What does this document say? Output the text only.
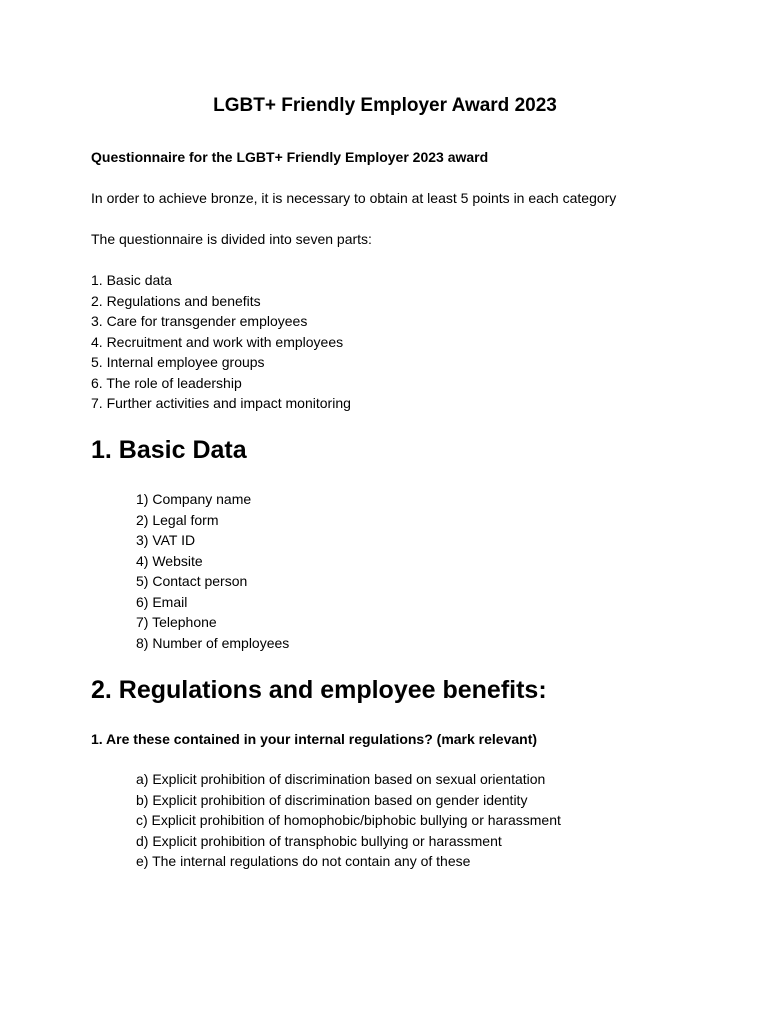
LGBT+ Friendly Employer Award 2023
Questionnaire for the LGBT+ Friendly Employer 2023 award
In order to achieve bronze, it is necessary to obtain at least 5 points in each category
The questionnaire is divided into seven parts:
1. Basic data
2. Regulations and benefits
3. Care for transgender employees
4. Recruitment and work with employees
5. Internal employee groups
6. The role of leadership
7. Further activities and impact monitoring
1. Basic Data
1) Company name
2) Legal form
3) VAT ID
4) Website
5) Contact person
6) Email
7) Telephone
8) Number of employees
2. Regulations and employee benefits:
1. Are these contained in your internal regulations? (mark relevant)
a) Explicit prohibition of discrimination based on sexual orientation
b) Explicit prohibition of discrimination based on gender identity
c) Explicit prohibition of homophobic/biphobic bullying or harassment
d) Explicit prohibition of transphobic bullying or harassment
e) The internal regulations do not contain any of these
